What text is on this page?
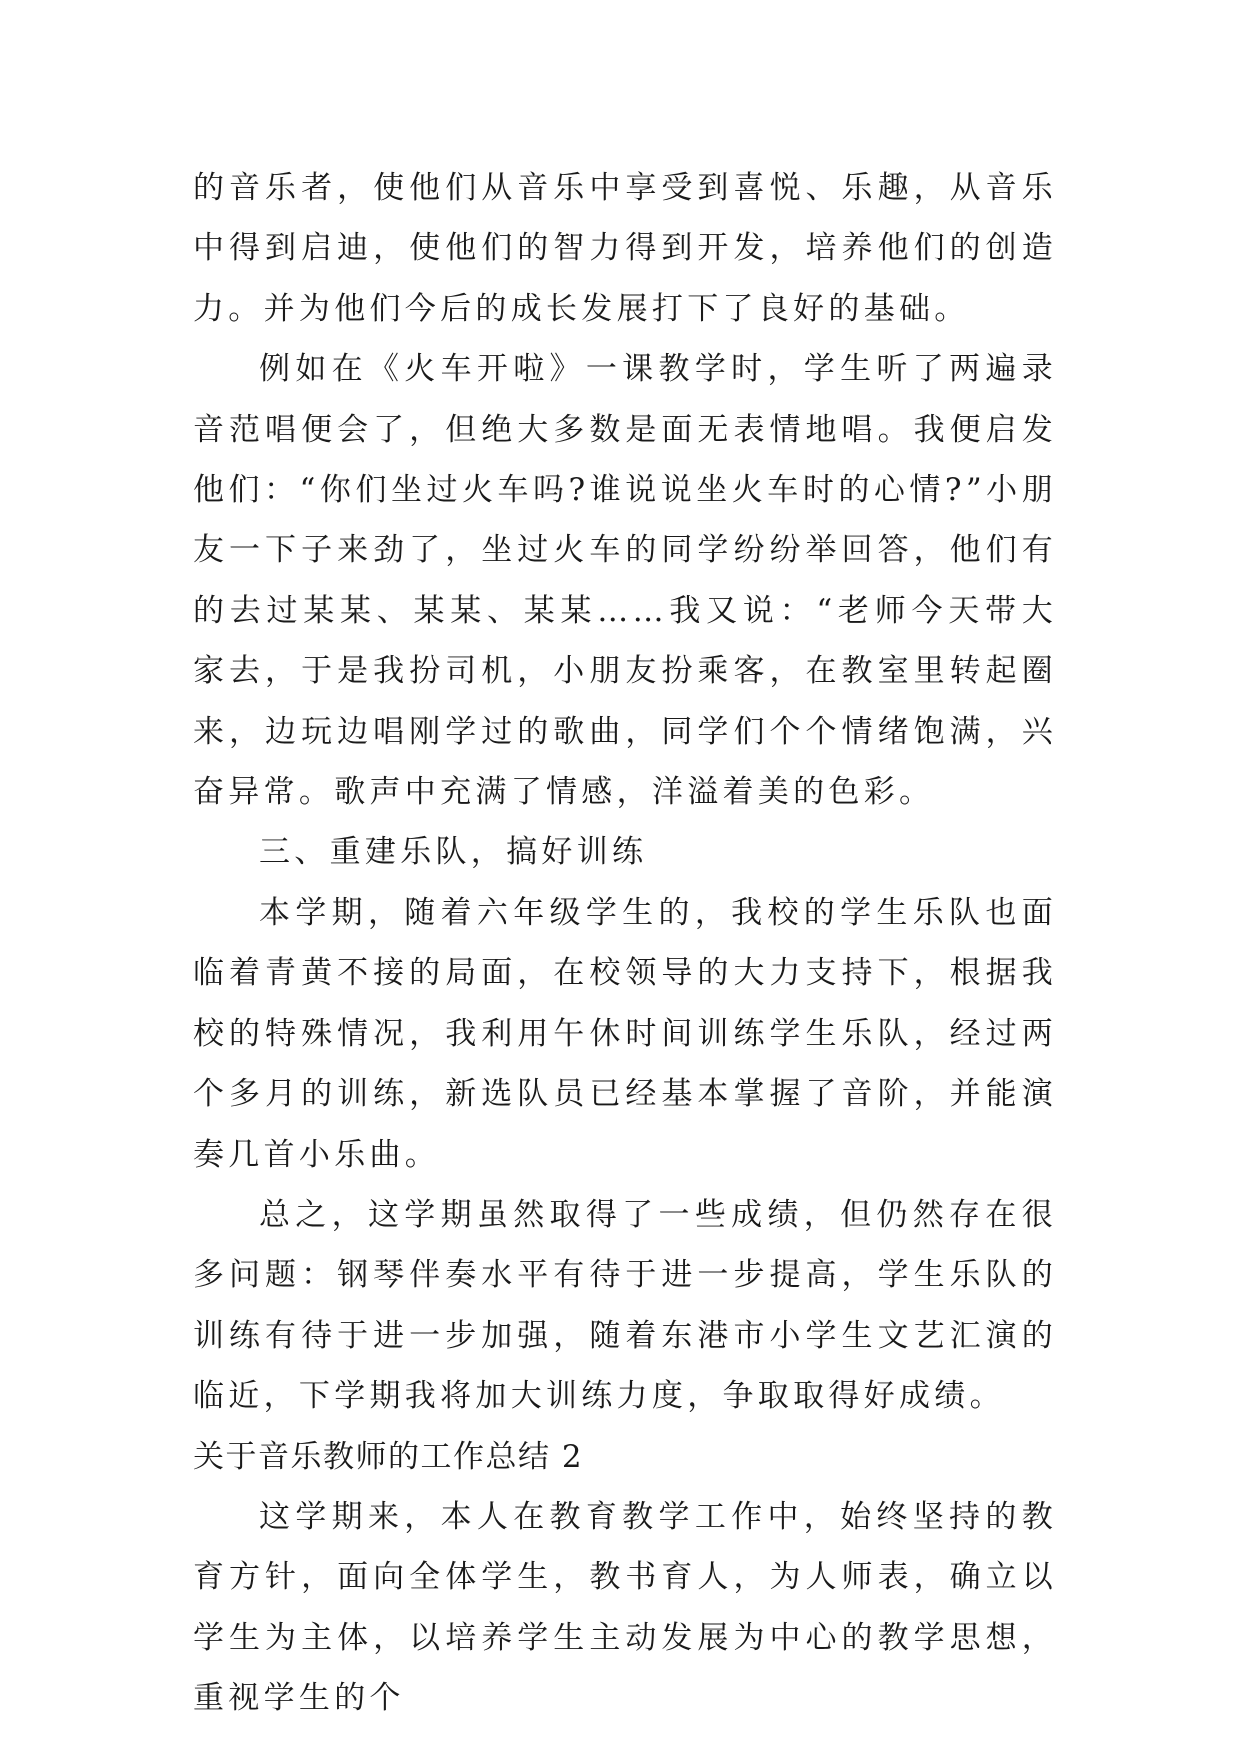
的音乐者，使他们从音乐中享受到喜悦、乐趣，从音乐中得到启迪，使他们的智力得到开发，培养他们的创造力。并为他们今后的成长发展打下了良好的基础。

例如在《火车开啦》一课教学时，学生听了两遍录音范唱便会了，但绝大多数是面无表情地唱。我便启发他们：“你们坐过火车吗?谁说说坐火车时的心情?”小朋友一下子来劲了，坐过火车的同学纷纷举回答，他们有的去过某某、某某、某某……我又说：“老师今天带大家去，于是我扮司机，小朋友扮乘客，在教室里转起圈来，边玩边唱刚学过的歌曲，同学们个个情绪饱满，兴奋异常。歌声中充满了情感，洋溢着美的色彩。

三、重建乐队，搞好训练

本学期，随着六年级学生的，我校的学生乐队也面临着青黄不接的局面，在校领导的大力支持下，根据我校的特殊情况，我利用午休时间训练学生乐队，经过两个多月的训练，新选队员已经基本掌握了音阶，并能演奏几首小乐曲。

总之，这学期虽然取得了一些成绩，但仍然存在很多问题：钢琴伴奏水平有待于进一步提高，学生乐队的训练有待于进一步加强，随着东港市小学生文艺汇演的临近，下学期我将加大训练力度，争取取得好成绩。

关于音乐教师的工作总结 2

这学期来，本人在教育教学工作中，始终坚持的教育方针，面向全体学生，教书育人，为人师表，确立以学生为主体，以培养学生主动发展为中心的教学思想，重视学生的个
